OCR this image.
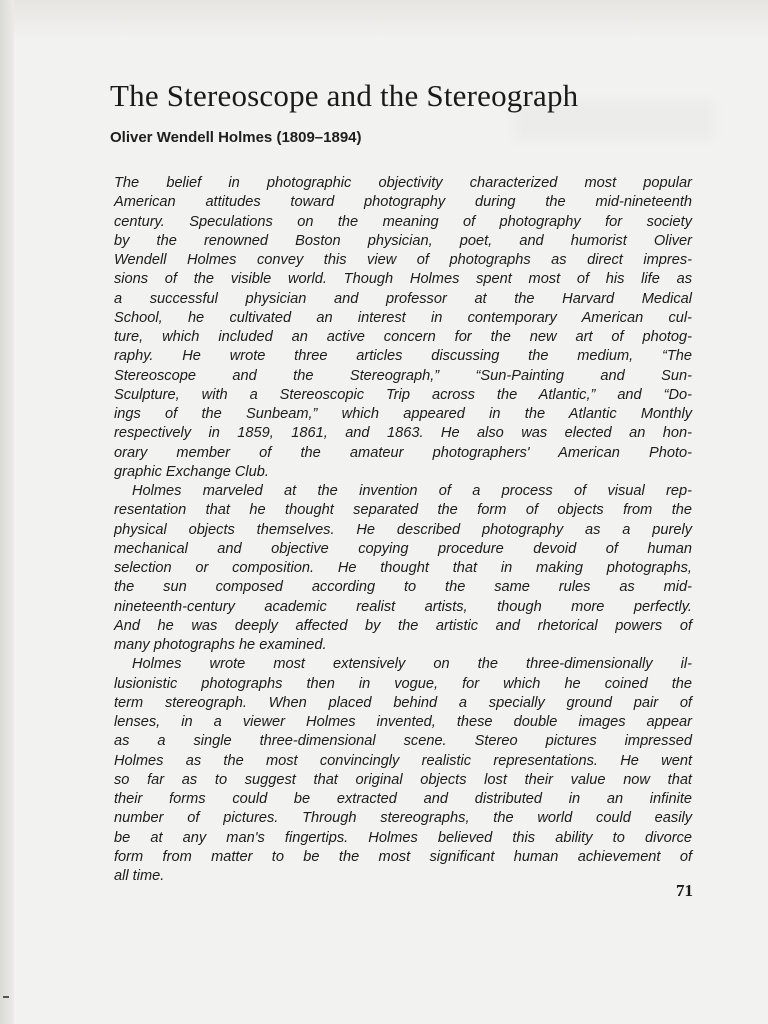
The Stereoscope and the Stereograph
Oliver Wendell Holmes (1809–1894)
The belief in photographic objectivity characterized most popular
American attitudes toward photography during the mid-nineteenth
century. Speculations on the meaning of photography for society
by the renowned Boston physician, poet, and humorist Oliver
Wendell Holmes convey this view of photographs as direct impres-
sions of the visible world. Though Holmes spent most of his life as
a successful physician and professor at the Harvard Medical
School, he cultivated an interest in contemporary American cul-
ture, which included an active concern for the new art of photog-
raphy. He wrote three articles discussing the medium, “The
Stereoscope and the Stereograph,” “Sun-Painting and Sun-
Sculpture, with a Stereoscopic Trip across the Atlantic,” and “Do-
ings of the Sunbeam,” which appeared in the Atlantic Monthly
respectively in 1859, 1861, and 1863. He also was elected an hon-
orary member of the amateur photographers' American Photo-
graphic Exchange Club.
Holmes marveled at the invention of a process of visual rep-
resentation that he thought separated the form of objects from the
physical objects themselves. He described photography as a purely
mechanical and objective copying procedure devoid of human
selection or composition. He thought that in making photographs,
the sun composed according to the same rules as mid-
nineteenth-century academic realist artists, though more perfectly.
And he was deeply affected by the artistic and rhetorical powers of
many photographs he examined.
Holmes wrote most extensively on the three-dimensionally il-
lusionistic photographs then in vogue, for which he coined the
term stereograph. When placed behind a specially ground pair of
lenses, in a viewer Holmes invented, these double images appear
as a single three-dimensional scene. Stereo pictures impressed
Holmes as the most convincingly realistic representations. He went
so far as to suggest that original objects lost their value now that
their forms could be extracted and distributed in an infinite
number of pictures. Through stereographs, the world could easily
be at any man's fingertips. Holmes believed this ability to divorce
form from matter to be the most significant human achievement of
all time.
71
